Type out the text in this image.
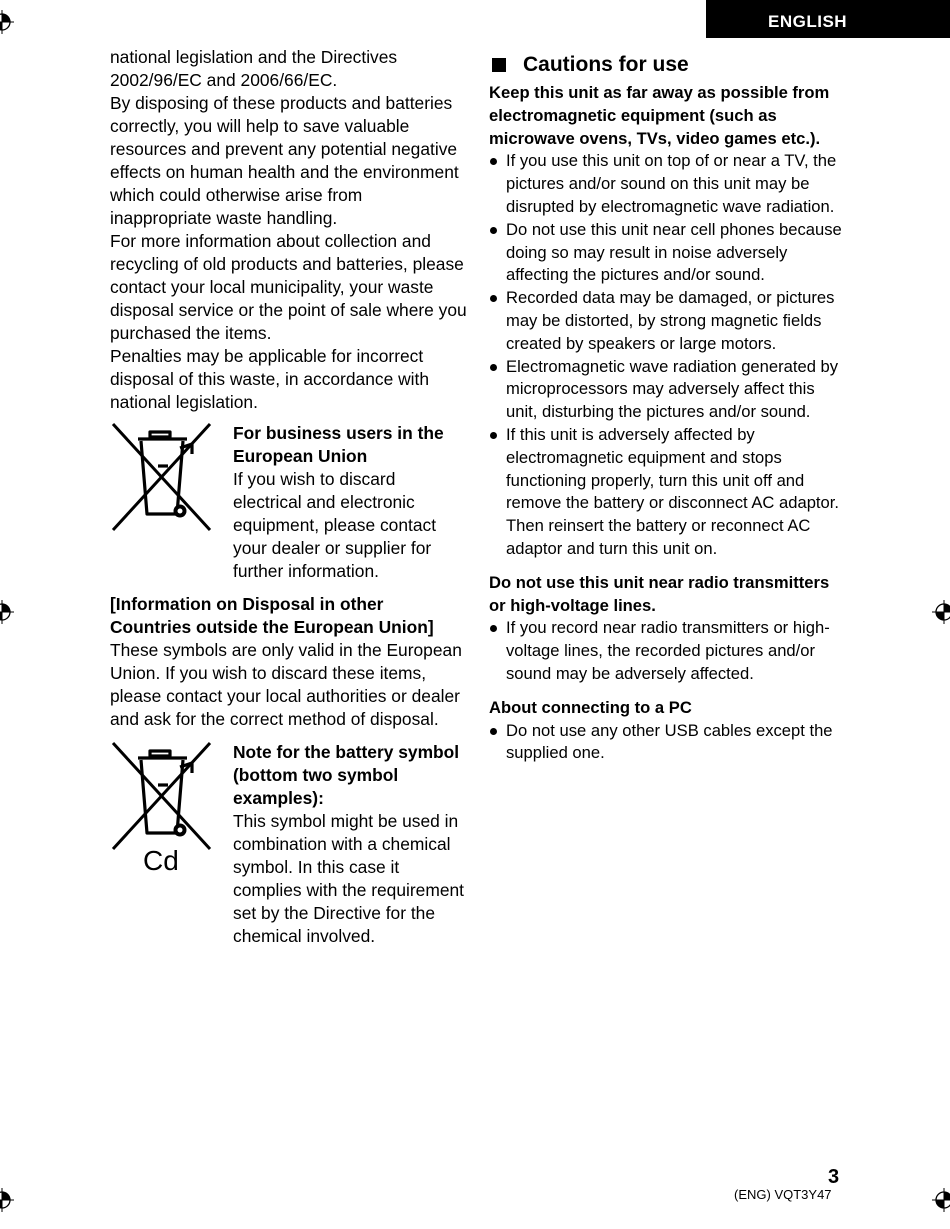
ENGLISH

national legislation and the Directives 2002/96/EC and 2006/66/EC.

By disposing of these products and batteries correctly, you will help to save valuable resources and prevent any potential negative effects on human health and the environment which could otherwise arise from inappropriate waste handling.

For more information about collection and recycling of old products and batteries, please contact your local municipality, your waste disposal service or the point of sale where you purchased the items.

Penalties may be applicable for incorrect disposal of this waste, in accordance with national legislation.

For business users in the European Union

If you wish to discard electrical and electronic equipment, please contact your dealer or supplier for further information.

[Information on Disposal in other Countries outside the European Union]

These symbols are only valid in the European Union. If you wish to discard these items, please contact your local authorities or dealer and ask for the correct method of disposal.

Cd

Note for the battery symbol (bottom two symbol examples):

This symbol might be used in combination with a chemical symbol. In this case it complies with the requirement set by the Directive for the chemical involved.

Cautions for use

Keep this unit as far away as possible from electromagnetic equipment (such as microwave ovens, TVs, video games etc.).

If you use this unit on top of or near a TV, the pictures and/or sound on this unit may be disrupted by electromagnetic wave radiation.
Do not use this unit near cell phones because doing so may result in noise adversely affecting the pictures and/or sound.
Recorded data may be damaged, or pictures may be distorted, by strong magnetic fields created by speakers or large motors.
Electromagnetic wave radiation generated by microprocessors may adversely affect this unit, disturbing the pictures and/or sound.
If this unit is adversely affected by electromagnetic equipment and stops functioning properly, turn this unit off and remove the battery or disconnect AC adaptor. Then reinsert the battery or reconnect AC adaptor and turn this unit on.

Do not use this unit near radio transmitters or high-voltage lines.

If you record near radio transmitters or high-voltage lines, the recorded pictures and/or sound may be adversely affected.

About connecting to a PC

Do not use any other USB cables except the supplied one.
3
(ENG) VQT3Y47
